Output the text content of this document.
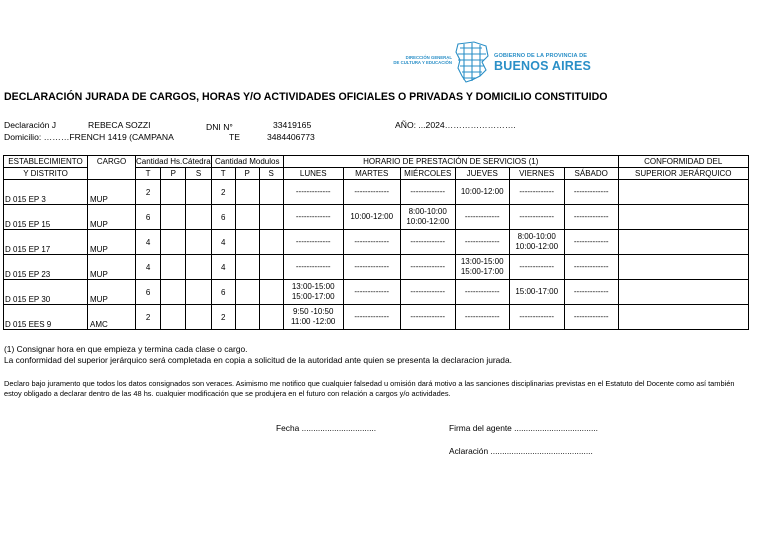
DIRECCIÓN GENERAL
DE CULTURA Y EDUCACIÓN
GOBIERNO DE LA PROVINCIA DE
BUENOS AIRES
DECLARACIÓN JURADA DE CARGOS, HORAS Y/O ACTIVIDADES OFICIALES O PRIVADAS Y DOMICILIO CONSTITUIDO
Declaración J	REBECA SOZZI	DNI N°	33419165	AÑO: ...2024…………………….
Domicilio: ………FRENCH 1419 (CAMPANA	TE	3484406773
ESTABLECIMIENTO	CARGO	Cantidad Hs.Cátedra			Cantidad Modulos			HORARIO DE PRESTACIÓN DE SERVICIOS (1)						CONFORMIDAD DEL
Y DISTRITO		T	P	S	T	P	S	LUNES	MARTES	MIÉRCOLES	JUEVES	VIERNES	SÁBADO	SUPERIOR JERÁRQUICO
D 015 EP 3	MUP	2			2			-------------	-------------	-------------	10:00-12:00	-------------	-------------	

D 015 EP 15	MUP	6			6			-------------	10:00-12:00	8:00-10:00
10:00-12:00	-------------	-------------	-------------	

D 015 EP 17	MUP	4			4			-------------	-------------	-------------	-------------	8:00-10:00
10:00-12:00	-------------	

D 015 EP 23	MUP	4			4			-------------	-------------	-------------	13:00-15:00
15:00-17:00	-------------	-------------	

D 015 EP 30	MUP	6			6			13:00-15:00
15:00-17:00	-------------	-------------	-------------	15:00-17:00	-------------	

D 015 EES 9	AMC	2			2			9:50 -10:50
11:00 -12:00	-------------	-------------	-------------	-------------	-------------	

(1) Consignar hora en que empieza y termina cada clase o cargo.
La conformidad del superior jerárquico será completada en copia a solicitud de la autoridad ante quien se presenta la declaracion jurada.
Declaro bajo juramento que todos los datos consignados son veraces. Asimismo me notifico que cualquier falsedad u omisión dará motivo a las sanciones disciplinarias previstas en el Estatuto del Docente como así también estoy obligado a declarar dentro de las 48 hs. cualquier modificación que se produjera en el futuro con relación a cargos y/o actividades.
Fecha ................................	Firma del agente ....................................
Aclaración ............................................
